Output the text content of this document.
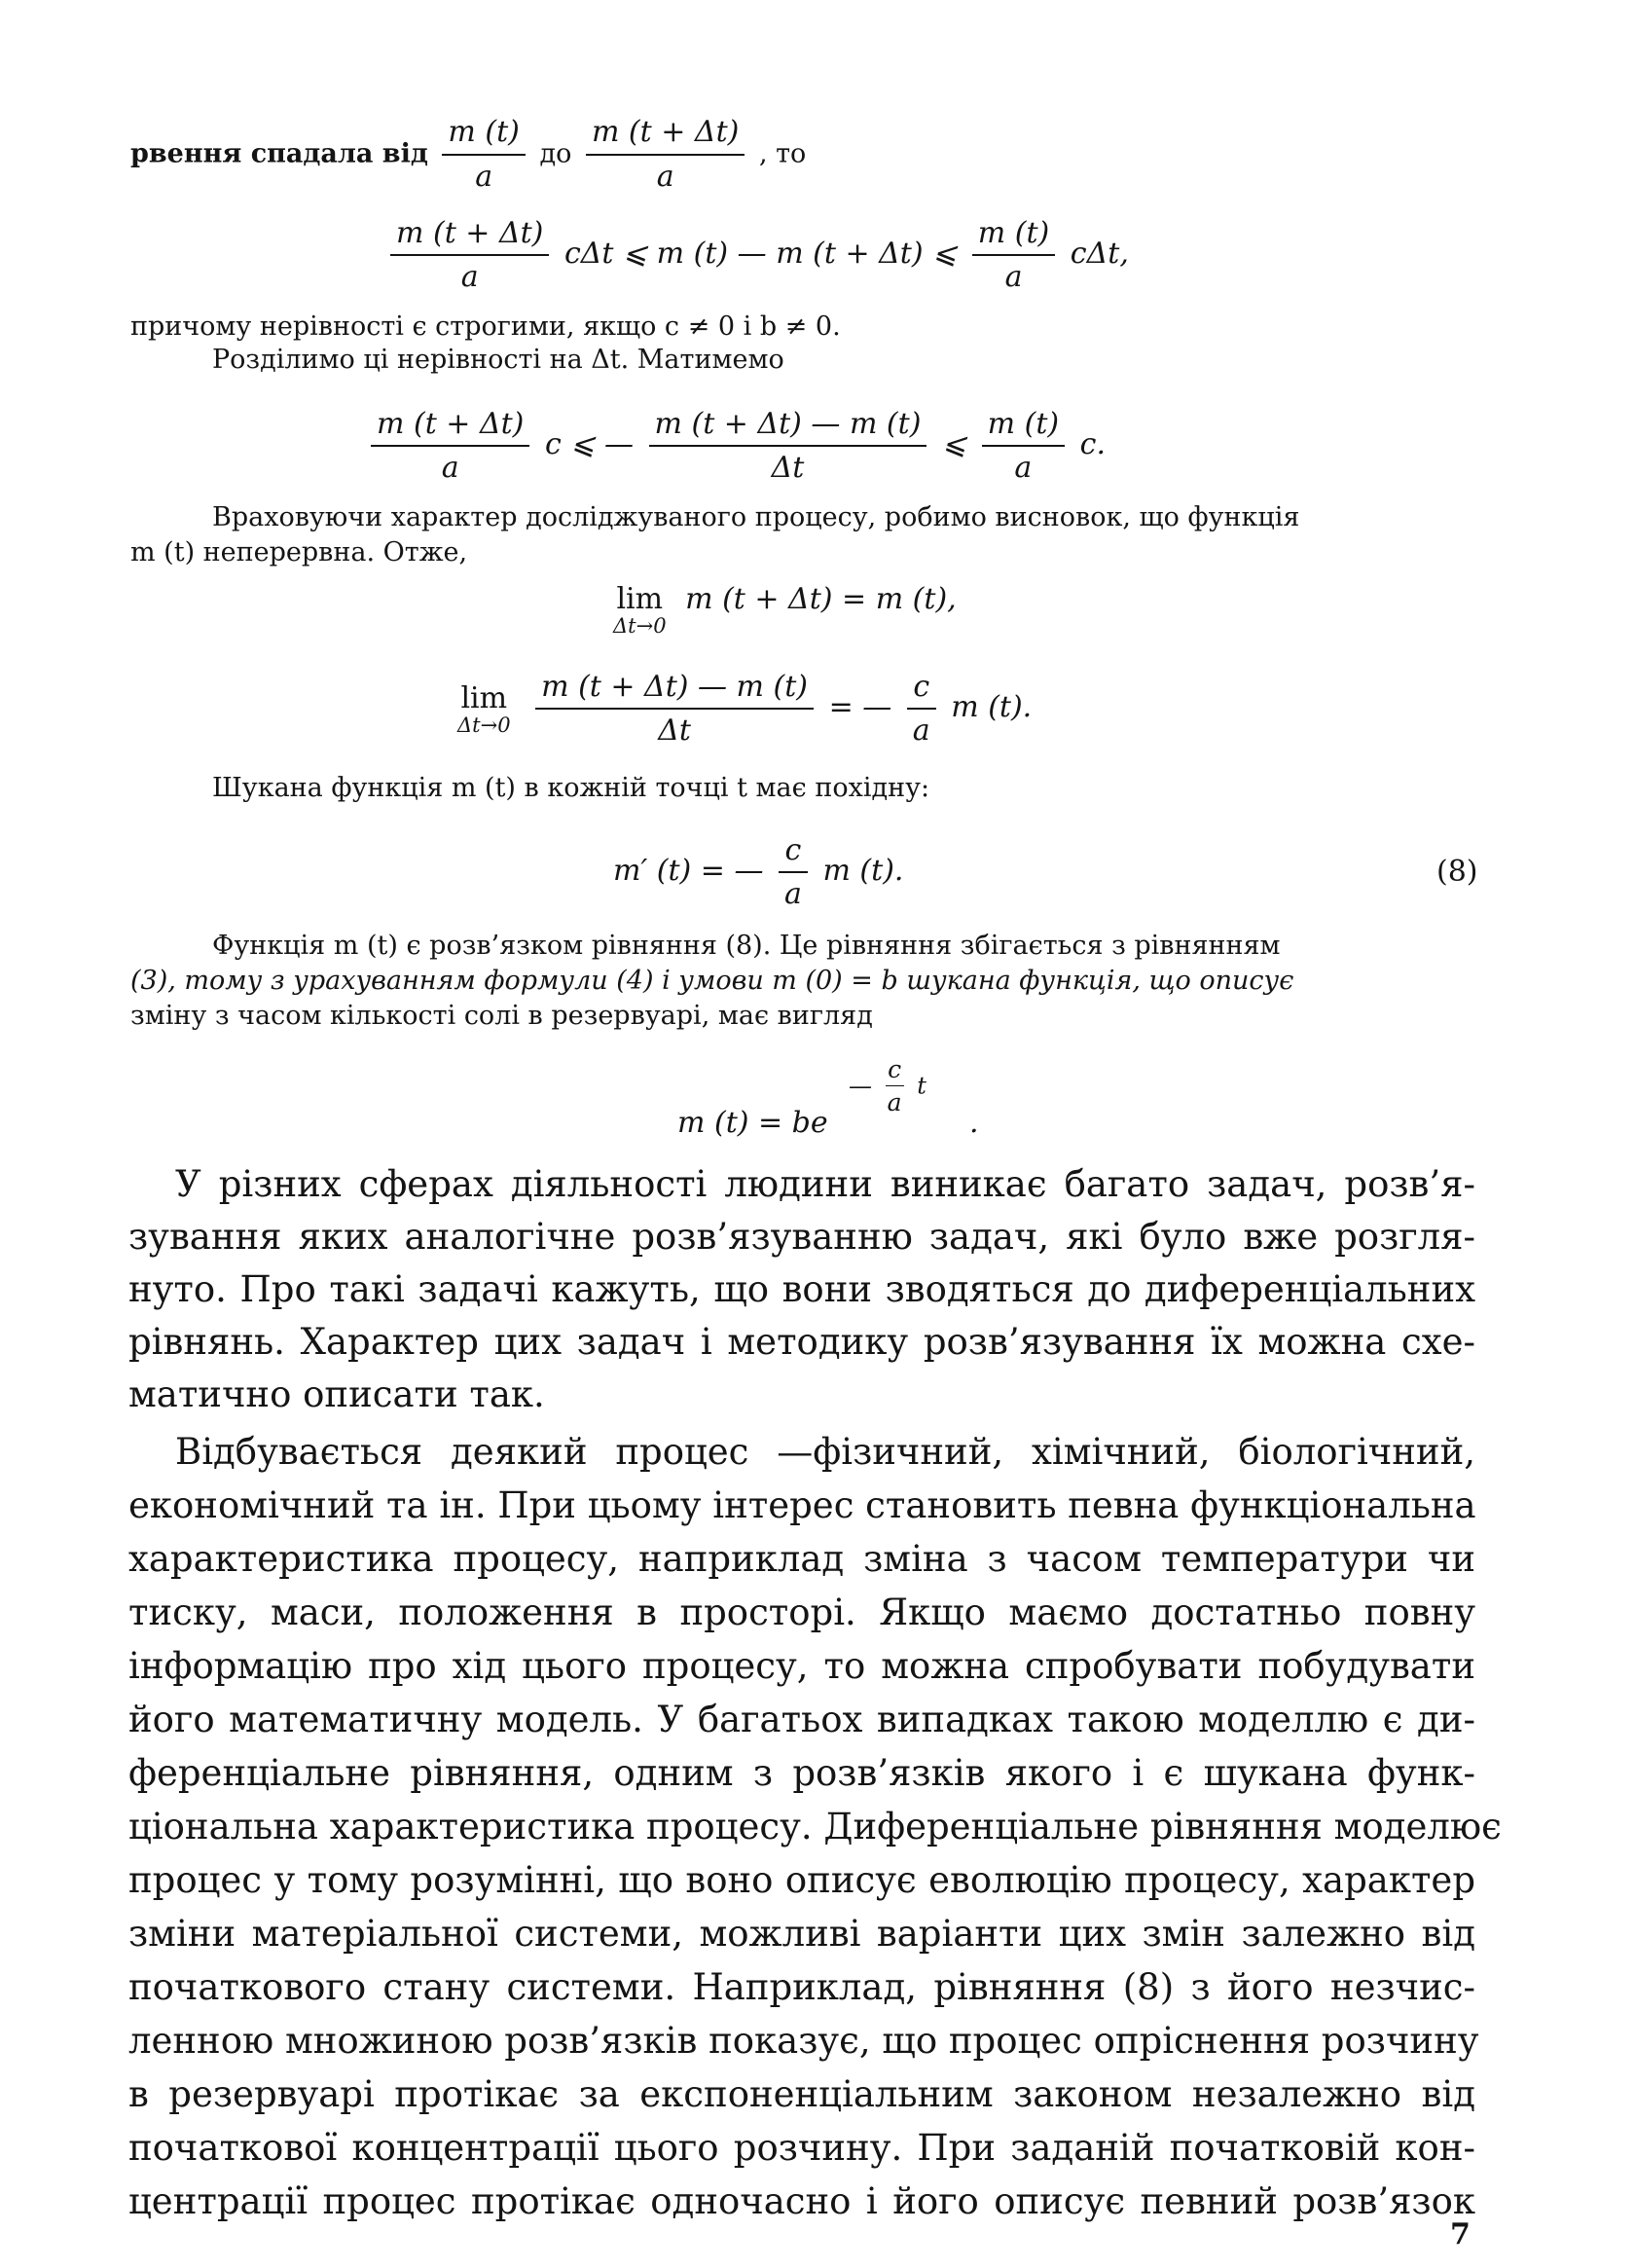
рвення спадала від $\frac{m (t)}{a}$ до $\frac{m (t + \Delta t)}{a}$ , то
$\frac{m (t + \Delta t)}{a}$ cΔt ⩽ m (t) — m (t + Δt) ⩽ $\frac{m (t)}{a} c\Delta t$,
причому нерівності є строгими, якщо c ≠ 0 і b ≠ 0.
Розділимо ці нерівності на Δt. Матимемо
$\frac{m (t + \Delta t)}{a}$ c ⩽ — $\frac{m (t + \Delta t) — m (t)}{\Delta t}$ ⩽ $\frac{m (t)}{a} c$.
Враховуючи характер досліджуваного процесу, робимо висновок, що функція
m (t) неперервна. Отже,
lim
Δt→0
m (t + Δt) = m (t),
lim
Δt→0
$\frac{m (t + \Delta t) — m (t)}{\Delta t}$ = — $\frac{c}{a}$ m (t).
Шукана функція m (t) в кожній точці t має похідну:
m′ (t) = — $\frac{c}{a}$ m (t).	(8)
Функція m (t) є розв’язком рівняння (8). Це рівняння збігається з рівнянням
(3), тому з урахуванням формули (4) і умови m (0) = b шукана функція, що описує
зміну з часом кількості солі в резервуарі, має вигляд
m (t) = be
— $\frac{c}{a}$ t
.
У різних сферах діяльності людини виникає багато задач, розв’я-
зування яких аналогічне розв’язуванню задач, які було вже розгля-
нуто. Про такі задачі кажуть, що вони зводяться до диференціальних
рівнянь. Характер цих задач і методику розв’язування їх можна схе-
матично описати так.
Відбувається деякий процес —фізичний, хімічний, біологічний,
економічний та ін. При цьому інтерес становить певна функціональна
характеристика процесу, наприклад зміна з часом температури чи
тиску, маси, положення в просторі. Якщо маємо достатньо повну
інформацію про хід цього процесу, то можна спробувати побудувати
його математичну модель. У багатьох випадках такою моделлю є ди-
ференціальне рівняння, одним з розв’язків якого і є шукана функ-
ціональна характеристика процесу. Диференціальне рівняння моделює
процес у тому розумінні, що воно описує еволюцію процесу, характер
зміни матеріальної системи, можливі варіанти цих змін залежно від
початкового стану системи. Наприклад, рівняння (8) з його незчис-
ленною множиною розв’язків показує, що процес опріснення розчину
в резервуарі протікає за експоненціальним законом незалежно від
початкової концентрації цього розчину. При заданій початковій кон-
центрації процес протікає одночасно і його описує певний розв’язок
7
